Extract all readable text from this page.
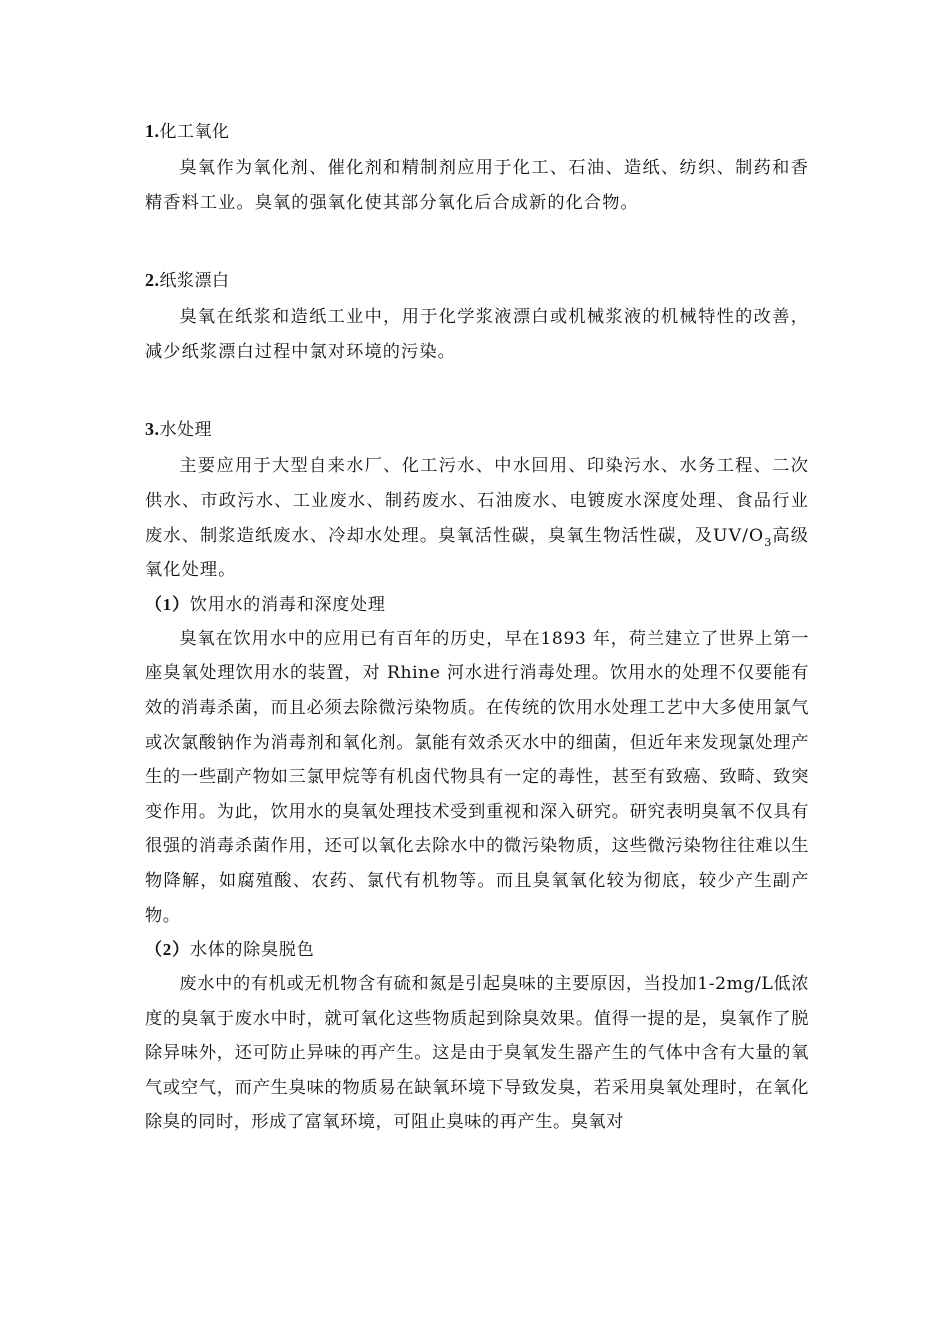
1.化工氧化

臭氧作为氧化剂、催化剂和精制剂应用于化工、石油、造纸、纺织、制药和香精香料工业。臭氧的强氧化使其部分氧化后合成新的化合物。

2.纸浆漂白

臭氧在纸浆和造纸工业中，用于化学浆液漂白或机械浆液的机械特性的改善，减少纸浆漂白过程中氯对环境的污染。

3.水处理

主要应用于大型自来水厂、化工污水、中水回用、印染污水、水务工程、二次供水、市政污水、工业废水、制药废水、石油废水、电镀废水深度处理、食品行业废水、制浆造纸废水、冷却水处理。臭氧活性碳，臭氧生物活性碳，及$UV/O_3$高级氧化处理。

（1）饮用水的消毒和深度处理

臭氧在饮用水中的应用已有百年的历史，早在1893 年，荷兰建立了世界上第一座臭氧处理饮用水的装置，对 Rhine 河水进行消毒处理。饮用水的处理不仅要能有效的消毒杀菌，而且必须去除微污染物质。在传统的饮用水处理工艺中大多使用氯气或次氯酸钠作为消毒剂和氧化剂。氯能有效杀灭水中的细菌，但近年来发现氯处理产生的一些副产物如三氯甲烷等有机卤代物具有一定的毒性，甚至有致癌、致畸、致突变作用。为此，饮用水的臭氧处理技术受到重视和深入研究。研究表明臭氧不仅具有很强的消毒杀菌作用，还可以氧化去除水中的微污染物质，这些微污染物往往难以生物降解，如腐殖酸、农药、氯代有机物等。而且臭氧氧化较为彻底，较少产生副产物。

（2）水体的除臭脱色

废水中的有机或无机物含有硫和氮是引起臭味的主要原因，当投加1-2mg/L低浓度的臭氧于废水中时，就可氧化这些物质起到除臭效果。值得一提的是，臭氧作了脱除异味外，还可防止异味的再产生。这是由于臭氧发生器产生的气体中含有大量的氧气或空气，而产生臭味的物质易在缺氧环境下导致发臭，若采用臭氧处理时，在氧化除臭的同时，形成了富氧环境，可阻止臭味的再产生。臭氧对
